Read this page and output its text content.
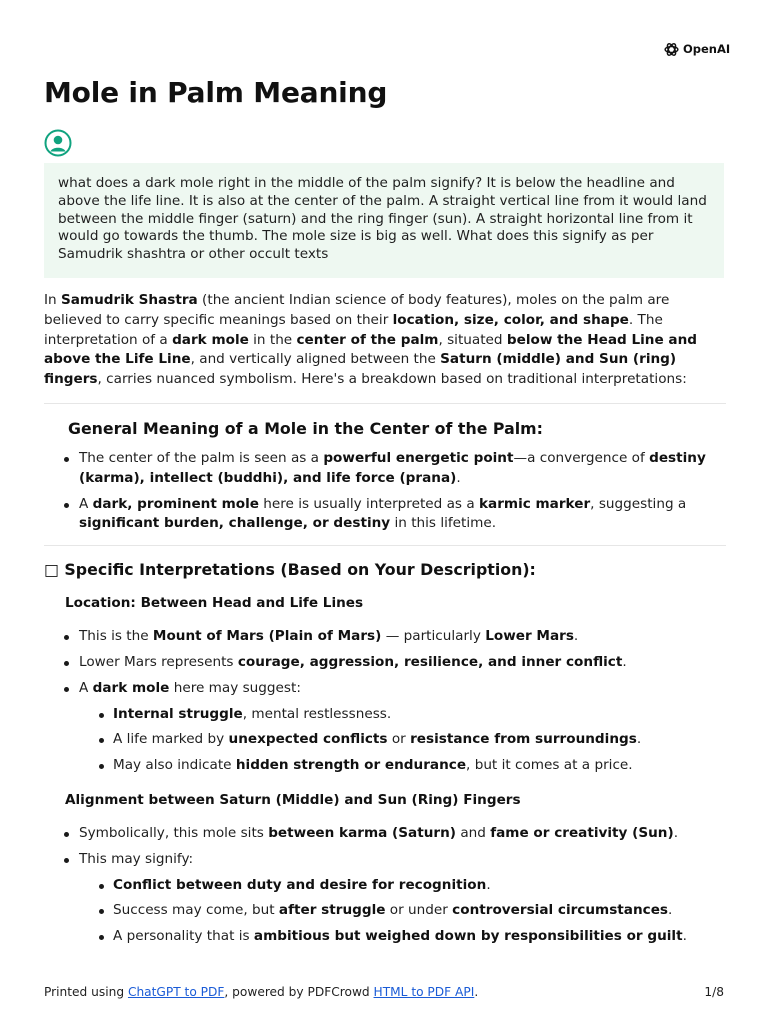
OpenAI
Mole in Palm Meaning
what does a dark mole right in the middle of the palm signify? It is below the headline and above the life line. It is also at the center of the palm. A straight vertical line from it would land between the middle finger (saturn) and the ring finger (sun). A straight horizontal line from it would go towards the thumb. The mole size is big as well. What does this signify as per Samudrik shashtra or other occult texts

In Samudrik Shastra (the ancient Indian science of body features), moles on the palm are believed to carry specific meanings based on their location, size, color, and shape. The interpretation of a dark mole in the center of the palm, situated below the Head Line and above the Life Line, and vertically aligned between the Saturn (middle) and Sun (ring) fingers, carries nuanced symbolism. Here's a breakdown based on traditional interpretations:

General Meaning of a Mole in the Center of the Palm:
The center of the palm is seen as a powerful energetic point—a convergence of destiny (karma), intellect (buddhi), and life force (prana).
A dark, prominent mole here is usually interpreted as a karmic marker, suggesting a significant burden, challenge, or destiny in this lifetime.
□ Specific Interpretations (Based on Your Description):
Location: Between Head and Life Lines
This is the Mount of Mars (Plain of Mars) — particularly Lower Mars.
Lower Mars represents courage, aggression, resilience, and inner conflict.
A dark mole here may suggest:
Internal struggle, mental restlessness.
A life marked by unexpected conflicts or resistance from surroundings.
May also indicate hidden strength or endurance, but it comes at a price.
Alignment between Saturn (Middle) and Sun (Ring) Fingers
Symbolically, this mole sits between karma (Saturn) and fame or creativity (Sun).
This may signify:
Conflict between duty and desire for recognition.
Success may come, but after struggle or under controversial circumstances.
A personality that is ambitious but weighed down by responsibilities or guilt.
Printed using ChatGPT to PDF, powered by PDFCrowd HTML to PDF API.	1/8
